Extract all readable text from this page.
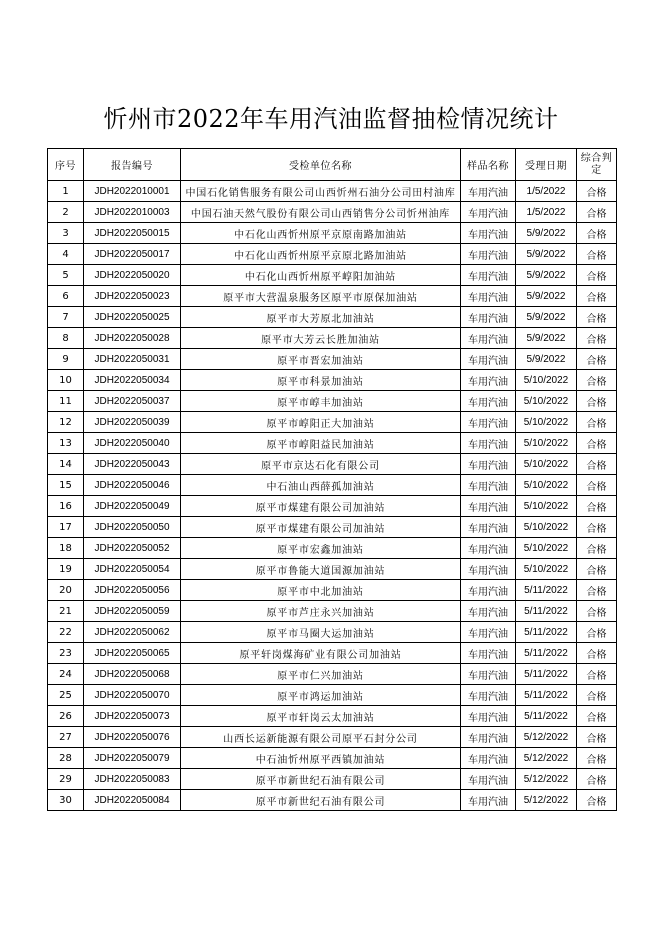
忻州市2022年车用汽油监督抽检情况统计
序号	报告编号	受检单位名称	样品名称	受理日期	综合判定
1	JDH2022010001	中国石化销售服务有限公司山西忻州石油分公司田村油库	车用汽油	1/5/2022	合格
2	JDH2022010003	中国石油天然气股份有限公司山西销售分公司忻州油库	车用汽油	1/5/2022	合格
3	JDH2022050015	中石化山西忻州原平京原南路加油站	车用汽油	5/9/2022	合格
4	JDH2022050017	中石化山西忻州原平京原北路加油站	车用汽油	5/9/2022	合格
5	JDH2022050020	中石化山西忻州原平崞阳加油站	车用汽油	5/9/2022	合格
6	JDH2022050023	原平市大营温泉服务区原平市原保加油站	车用汽油	5/9/2022	合格
7	JDH2022050025	原平市大芳原北加油站	车用汽油	5/9/2022	合格
8	JDH2022050028	原平市大芳云长胜加油站	车用汽油	5/9/2022	合格
9	JDH2022050031	原平市晋宏加油站	车用汽油	5/9/2022	合格
10	JDH2022050034	原平市科景加油站	车用汽油	5/10/2022	合格
11	JDH2022050037	原平市崞丰加油站	车用汽油	5/10/2022	合格
12	JDH2022050039	原平市崞阳正大加油站	车用汽油	5/10/2022	合格
13	JDH2022050040	原平市崞阳益民加油站	车用汽油	5/10/2022	合格
14	JDH2022050043	原平市京达石化有限公司	车用汽油	5/10/2022	合格
15	JDH2022050046	中石油山西薛孤加油站	车用汽油	5/10/2022	合格
16	JDH2022050049	原平市煤建有限公司加油站	车用汽油	5/10/2022	合格
17	JDH2022050050	原平市煤建有限公司加油站	车用汽油	5/10/2022	合格
18	JDH2022050052	原平市宏鑫加油站	车用汽油	5/10/2022	合格
19	JDH2022050054	原平市鲁能大道国源加油站	车用汽油	5/10/2022	合格
20	JDH2022050056	原平市中北加油站	车用汽油	5/11/2022	合格
21	JDH2022050059	原平市芦庄永兴加油站	车用汽油	5/11/2022	合格
22	JDH2022050062	原平市马圈大运加油站	车用汽油	5/11/2022	合格
23	JDH2022050065	原平轩岗煤海矿业有限公司加油站	车用汽油	5/11/2022	合格
24	JDH2022050068	原平市仁兴加油站	车用汽油	5/11/2022	合格
25	JDH2022050070	原平市鸿运加油站	车用汽油	5/11/2022	合格
26	JDH2022050073	原平市轩岗云太加油站	车用汽油	5/11/2022	合格
27	JDH2022050076	山西长运新能源有限公司原平石封分公司	车用汽油	5/12/2022	合格
28	JDH2022050079	中石油忻州原平西镇加油站	车用汽油	5/12/2022	合格
29	JDH2022050083	原平市新世纪石油有限公司	车用汽油	5/12/2022	合格
30	JDH2022050084	原平市新世纪石油有限公司	车用汽油	5/12/2022	合格
